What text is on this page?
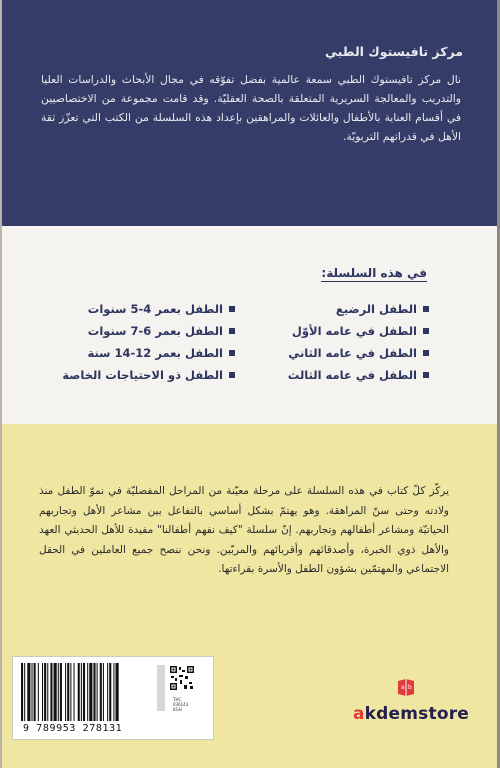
مركز تافيستوك الطبي
نال مركز تافيستوك الطبي سمعة عالمية بفضل تفوّقه في مجال الأبحاث والدراسات العليا والتدريب والمعالجة السريرية المتعلقة بالصحة العقليّة. وقد قامت مجموعة من الاختصاصيين في أقسام العناية بالأطفال والعائلات والمراهقين بإعداد هذه السلسلة من الكتب التي تعزّز ثقة الأهل في قدراتهم التربويّة.
في هذه السلسلة:
الطفل الرضيع
الطفل في عامه الأوّل
الطفل في عامه الثاني
الطفل في عامه الثالث
الطفل بعمر 4-5 سنوات
الطفل بعمر 6-7 سنوات
الطفل بعمر 12-14 سنة
الطفل ذو الاحتياجات الخاصة
يركّز كلّ كتاب في هذه السلسلة على مرحلة معيّنة من المراحل المفصليّة في نموّ الطفل منذ ولادته وحتى سنّ المراهقة. وهو يهتمّ بشكل أساسي بالتفاعل بين مشاعر الأهل وتجاربهم الحياتيّة ومشاعر أطفالهم وتجاربهم. إنّ سلسلة "كيف نفهم أطفالنا" مفيدة للأهل الحديثي العهد والأهل ذوي الخبرة، وأصدقائهم وأقربائهم والمربّين. ونحن ننصح جميع العاملين في الحقل الاجتماعي والمهتمّين بشؤون الطفل والأسرة بقراءتها.
THC
036143
KGH
9 789953 278131
a b
akdemstore
